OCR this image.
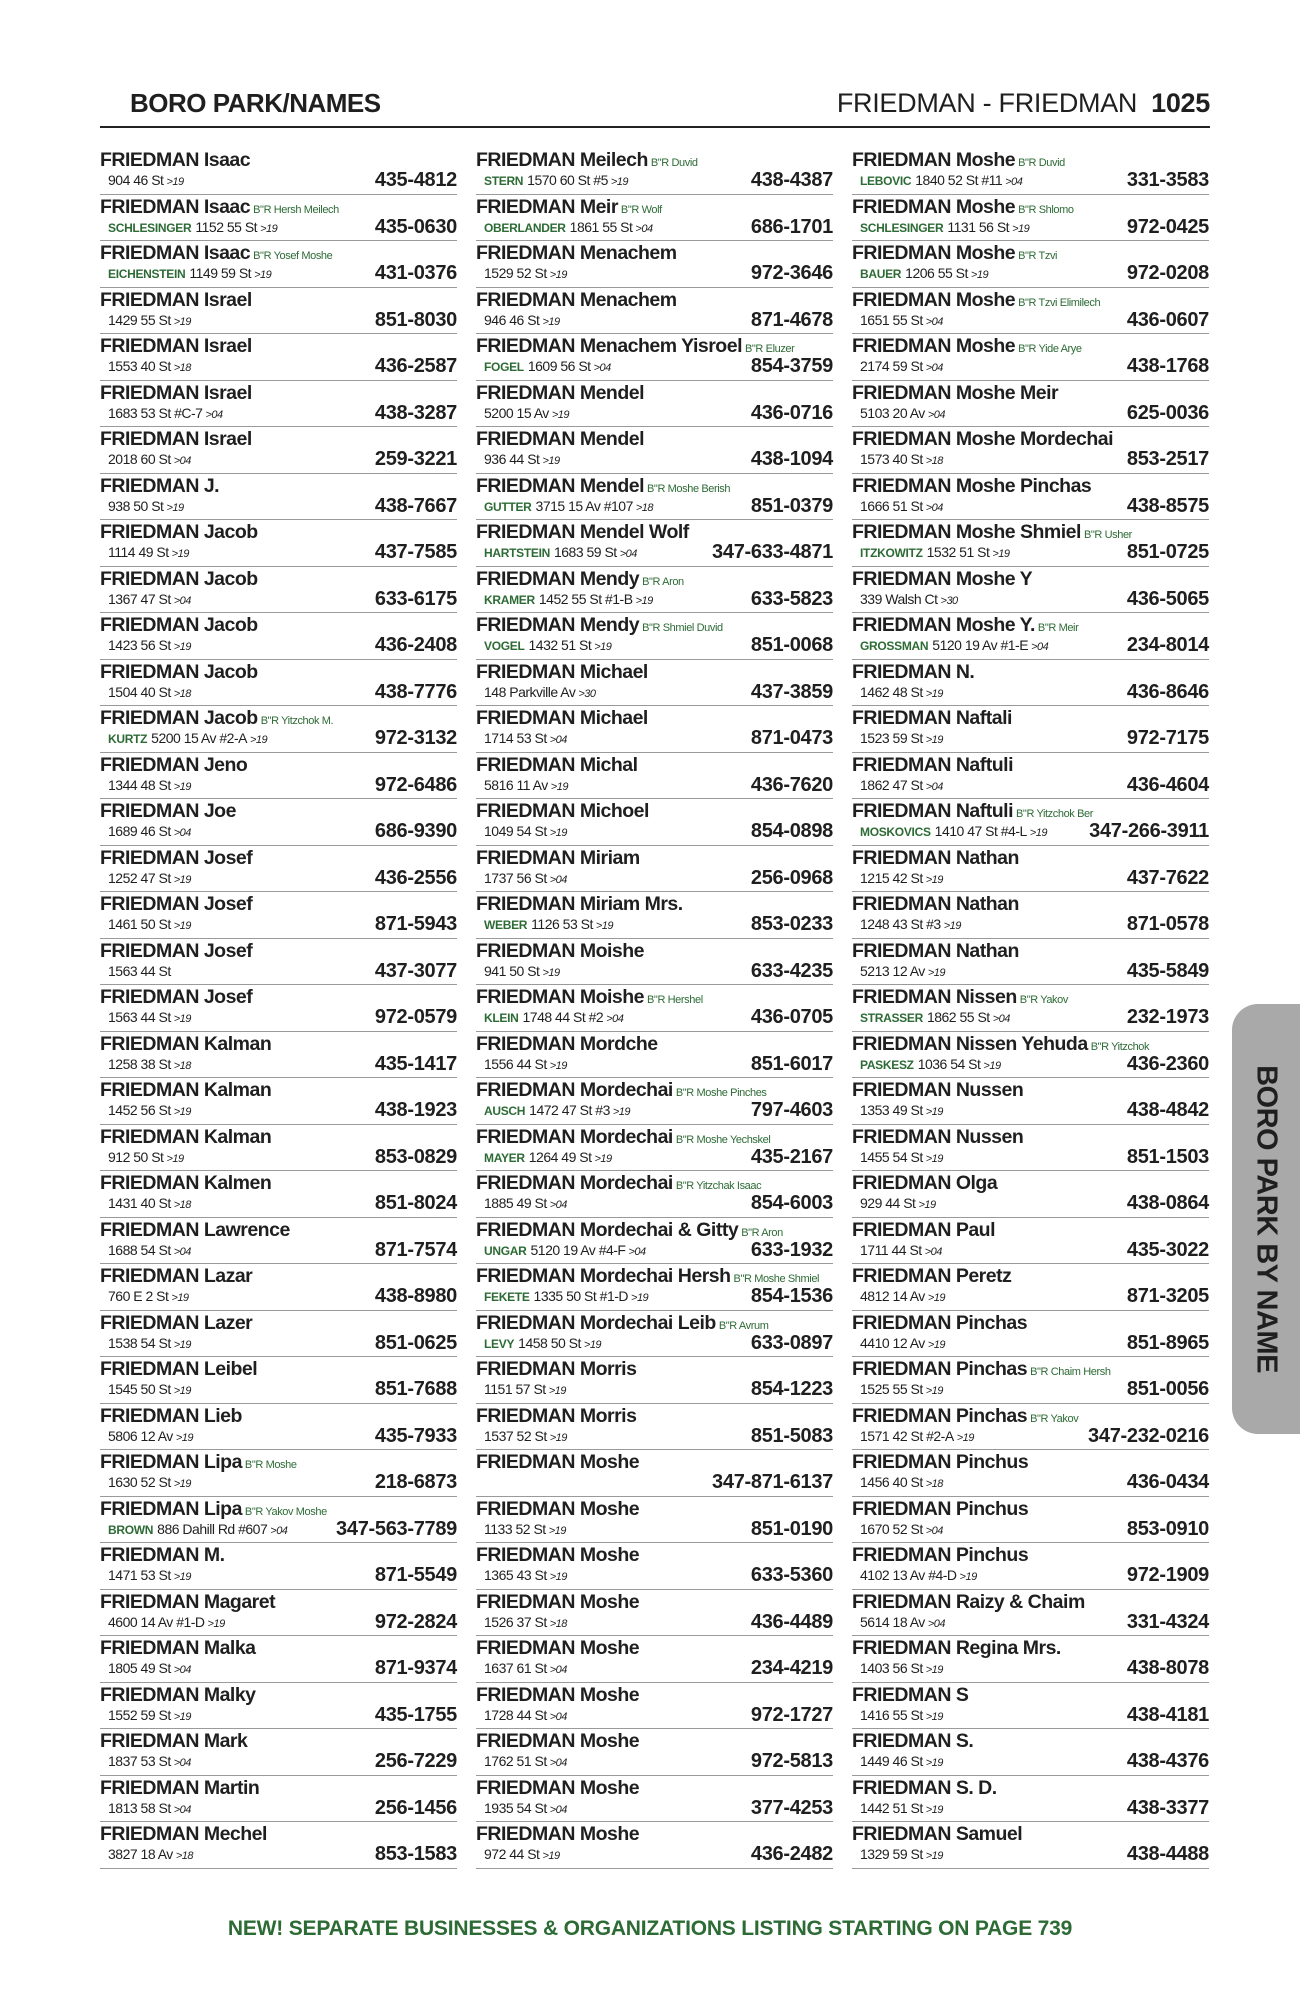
BORO PARK/NAMES	FRIEDMAN - FRIEDMAN 1025
FRIEDMAN Isaac
904 46 St >19	435-4812
FRIEDMAN Isaac B"R Hersh Meilech
SCHLESINGER 1152 55 St >19	435-0630
FRIEDMAN Isaac B"R Yosef Moshe
EICHENSTEIN 1149 59 St >19	431-0376
FRIEDMAN Israel
1429 55 St >19	851-8030
FRIEDMAN Israel
1553 40 St >18	436-2587
FRIEDMAN Israel
1683 53 St #C-7 >04	438-3287
FRIEDMAN Israel
2018 60 St >04	259-3221
FRIEDMAN J.
938 50 St >19	438-7667
FRIEDMAN Jacob
1114 49 St >19	437-7585
FRIEDMAN Jacob
1367 47 St >04	633-6175
FRIEDMAN Jacob
1423 56 St >19	436-2408
FRIEDMAN Jacob
1504 40 St >18	438-7776
FRIEDMAN Jacob B"R Yitzchok M.
KURTZ 5200 15 Av #2-A >19	972-3132
FRIEDMAN Jeno
1344 48 St >19	972-6486
FRIEDMAN Joe
1689 46 St >04	686-9390
FRIEDMAN Josef
1252 47 St >19	436-2556
FRIEDMAN Josef
1461 50 St >19	871-5943
FRIEDMAN Josef
1563 44 St	437-3077
FRIEDMAN Josef
1563 44 St >19	972-0579
FRIEDMAN Kalman
1258 38 St >18	435-1417
FRIEDMAN Kalman
1452 56 St >19	438-1923
FRIEDMAN Kalman
912 50 St >19	853-0829
FRIEDMAN Kalmen
1431 40 St >18	851-8024
FRIEDMAN Lawrence
1688 54 St >04	871-7574
FRIEDMAN Lazar
760 E 2 St >19	438-8980
FRIEDMAN Lazer
1538 54 St >19	851-0625
FRIEDMAN Leibel
1545 50 St >19	851-7688
FRIEDMAN Lieb
5806 12 Av >19	435-7933
FRIEDMAN Lipa B"R Moshe
1630 52 St >19	218-6873
FRIEDMAN Lipa B"R Yakov Moshe
BROWN 886 Dahill Rd #607 >04 347-563-7789
FRIEDMAN M.
1471 53 St >19	871-5549
FRIEDMAN Magaret
4600 14 Av #1-D >19	972-2824
FRIEDMAN Malka
1805 49 St >04	871-9374
FRIEDMAN Malky
1552 59 St >19	435-1755
FRIEDMAN Mark
1837 53 St >04	256-7229
FRIEDMAN Martin
1813 58 St >04	256-1456
FRIEDMAN Mechel
3827 18 Av >18	853-1583
FRIEDMAN Meilech B"R Duvid
STERN 1570 60 St #5 >19	438-4387
FRIEDMAN Meir B"R Wolf
OBERLANDER 1861 55 St >04	686-1701
FRIEDMAN Menachem
1529 52 St >19	972-3646
FRIEDMAN Menachem
946 46 St >19	871-4678
FRIEDMAN Menachem Yisroel B"R Eluzer
FOGEL 1609 56 St >04	854-3759
FRIEDMAN Mendel
5200 15 Av >19	436-0716
FRIEDMAN Mendel
936 44 St >19	438-1094
FRIEDMAN Mendel B"R Moshe Berish
GUTTER 3715 15 Av #107 >18	851-0379
FRIEDMAN Mendel Wolf
HARTSTEIN 1683 59 St >04	347-633-4871
FRIEDMAN Mendy B"R Aron
KRAMER 1452 55 St #1-B >19	633-5823
FRIEDMAN Mendy B"R Shmiel Duvid
VOGEL 1432 51 St >19	851-0068
FRIEDMAN Michael
148 Parkville Av >30	437-3859
FRIEDMAN Michael
1714 53 St >04	871-0473
FRIEDMAN Michal
5816 11 Av >19	436-7620
FRIEDMAN Michoel
1049 54 St >19	854-0898
FRIEDMAN Miriam
1737 56 St >04	256-0968
FRIEDMAN Miriam Mrs.
WEBER 1126 53 St >19	853-0233
FRIEDMAN Moishe
941 50 St >19	633-4235
FRIEDMAN Moishe B"R Hershel
KLEIN 1748 44 St #2 >04	436-0705
FRIEDMAN Mordche
1556 44 St >19	851-6017
FRIEDMAN Mordechai B"R Moshe Pinches
AUSCH 1472 47 St #3 >19	797-4603
FRIEDMAN Mordechai B"R Moshe Yechskel
MAYER 1264 49 St >19	435-2167
FRIEDMAN Mordechai B"R Yitzchak Isaac
1885 49 St >04	854-6003
FRIEDMAN Mordechai & Gitty B"R Aron
UNGAR 5120 19 Av #4-F >04	633-1932
FRIEDMAN Mordechai Hersh B"R Moshe Shmiel
FEKETE 1335 50 St #1-D >19	854-1536
FRIEDMAN Mordechai Leib B"R Avrum
LEVY 1458 50 St >19	633-0897
FRIEDMAN Morris
1151 57 St >19	854-1223
FRIEDMAN Morris
1537 52 St >19	851-5083
FRIEDMAN Moshe
347-871-6137
FRIEDMAN Moshe
1133 52 St >19	851-0190
FRIEDMAN Moshe
1365 43 St >19	633-5360
FRIEDMAN Moshe
1526 37 St >18	436-4489
FRIEDMAN Moshe
1637 61 St >04	234-4219
FRIEDMAN Moshe
1728 44 St >04	972-1727
FRIEDMAN Moshe
1762 51 St >04	972-5813
FRIEDMAN Moshe
1935 54 St >04	377-4253
FRIEDMAN Moshe
972 44 St >19	436-2482
FRIEDMAN Moshe B"R Duvid
LEBOVIC 1840 52 St #11 >04	331-3583
FRIEDMAN Moshe B"R Shlomo
SCHLESINGER 1131 56 St >19	972-0425
FRIEDMAN Moshe B"R Tzvi
BAUER 1206 55 St >19	972-0208
FRIEDMAN Moshe B"R Tzvi Elimilech
1651 55 St >04	436-0607
FRIEDMAN Moshe B"R Yide Arye
2174 59 St >04	438-1768
FRIEDMAN Moshe Meir
5103 20 Av >04	625-0036
FRIEDMAN Moshe Mordechai
1573 40 St >18	853-2517
FRIEDMAN Moshe Pinchas
1666 51 St >04	438-8575
FRIEDMAN Moshe Shmiel B"R Usher
ITZKOWITZ 1532 51 St >19	851-0725
FRIEDMAN Moshe Y
339 Walsh Ct >30	436-5065
FRIEDMAN Moshe Y. B"R Meir
GROSSMAN 5120 19 Av #1-E >04	234-8014
FRIEDMAN N.
1462 48 St >19	436-8646
FRIEDMAN Naftali
1523 59 St >19	972-7175
FRIEDMAN Naftuli
1862 47 St >04	436-4604
FRIEDMAN Naftuli B"R Yitzchok Ber
MOSKOVICS 1410 47 St #4-L >19 347-266-3911
FRIEDMAN Nathan
1215 42 St >19	437-7622
FRIEDMAN Nathan
1248 43 St #3 >19	871-0578
FRIEDMAN Nathan
5213 12 Av >19	435-5849
FRIEDMAN Nissen B"R Yakov
STRASSER 1862 55 St >04	232-1973
FRIEDMAN Nissen Yehuda B"R Yitzchok
PASKESZ 1036 54 St >19	436-2360
FRIEDMAN Nussen
1353 49 St >19	438-4842
FRIEDMAN Nussen
1455 54 St >19	851-1503
FRIEDMAN Olga
929 44 St >19	438-0864
FRIEDMAN Paul
1711 44 St >04	435-3022
FRIEDMAN Peretz
4812 14 Av >19	871-3205
FRIEDMAN Pinchas
4410 12 Av >19	851-8965
FRIEDMAN Pinchas B"R Chaim Hersh
1525 55 St >19	851-0056
FRIEDMAN Pinchas B"R Yakov
1571 42 St #2-A >19	347-232-0216
FRIEDMAN Pinchus
1456 40 St >18	436-0434
FRIEDMAN Pinchus
1670 52 St >04	853-0910
FRIEDMAN Pinchus
4102 13 Av #4-D >19	972-1909
FRIEDMAN Raizy & Chaim
5614 18 Av >04	331-4324
FRIEDMAN Regina Mrs.
1403 56 St >19	438-8078
FRIEDMAN S
1416 55 St >19	438-4181
FRIEDMAN S.
1449 46 St >19	438-4376
FRIEDMAN S. D.
1442 51 St >19	438-3377
FRIEDMAN Samuel
1329 59 St >19	438-4488
BORO PARK BY NAME
NEW! SEPARATE BUSINESSES & ORGANIZATIONS LISTING STARTING ON PAGE 739
